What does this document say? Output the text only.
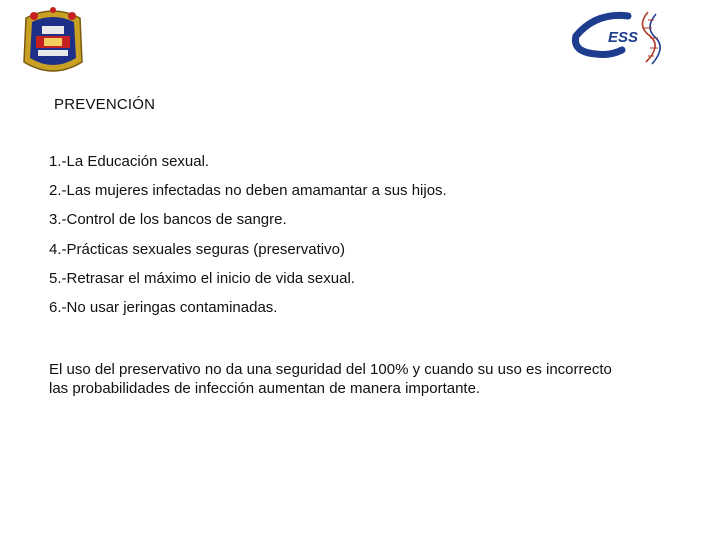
ESS
PREVENCIÓN
1.-La Educación sexual.
2.-Las mujeres infectadas no deben amamantar a sus hijos.
3.-Control de los bancos de sangre.
4.-Prácticas sexuales seguras (preservativo)
5.-Retrasar el máximo el inicio de vida sexual.
6.-No usar jeringas contaminadas.
El uso del preservativo no da una seguridad del 100% y cuando su uso es incorrecto
las probabilidades de infección aumentan de manera importante.
